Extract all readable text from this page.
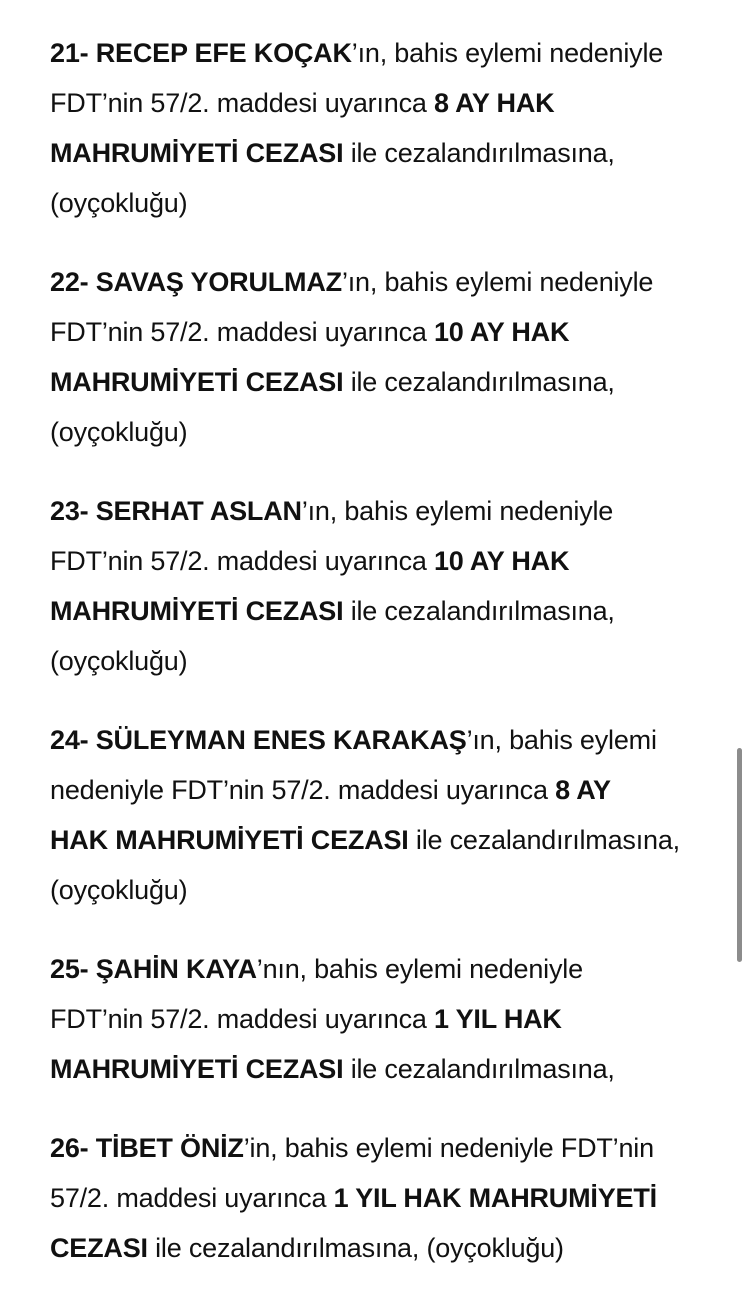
21- RECEP EFE KOÇAK’ın, bahis eylemi nedeniyle
FDT’nin 57/2. maddesi uyarınca 8 AY HAK
MAHRUMİYETİ CEZASI ile cezalandırılmasına,
(oyçokluğu)

22- SAVAŞ YORULMAZ’ın, bahis eylemi nedeniyle
FDT’nin 57/2. maddesi uyarınca 10 AY HAK
MAHRUMİYETİ CEZASI ile cezalandırılmasına,
(oyçokluğu)

23- SERHAT ASLAN’ın, bahis eylemi nedeniyle
FDT’nin 57/2. maddesi uyarınca 10 AY HAK
MAHRUMİYETİ CEZASI ile cezalandırılmasına,
(oyçokluğu)

24- SÜLEYMAN ENES KARAKAŞ’ın, bahis eylemi
nedeniyle FDT’nin 57/2. maddesi uyarınca 8 AY
HAK MAHRUMİYETİ CEZASI ile cezalandırılmasına,
(oyçokluğu)

25- ŞAHİN KAYA’nın, bahis eylemi nedeniyle
FDT’nin 57/2. maddesi uyarınca 1 YIL HAK
MAHRUMİYETİ CEZASI ile cezalandırılmasına,

26- TİBET ÖNİZ’in, bahis eylemi nedeniyle FDT’nin
57/2. maddesi uyarınca 1 YIL HAK MAHRUMİYETİ
CEZASI ile cezalandırılmasına, (oyçokluğu)
